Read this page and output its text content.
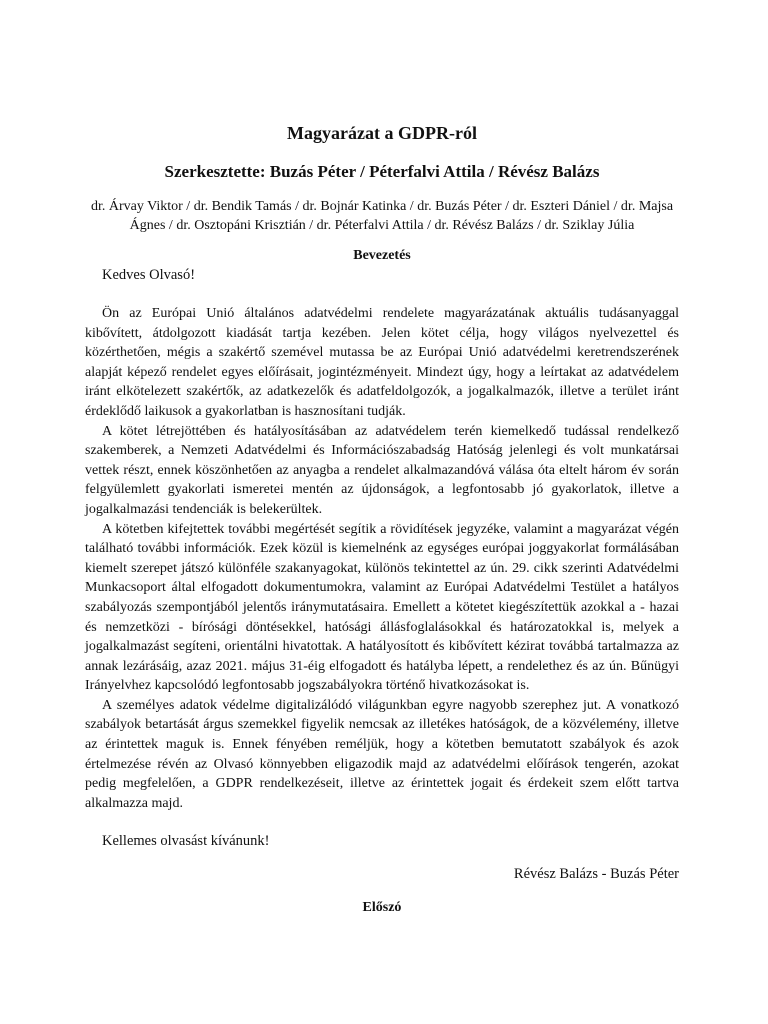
Magyarázat a GDPR-ról
Szerkesztette: Buzás Péter / Péterfalvi Attila / Révész Balázs
dr. Árvay Viktor / dr. Bendik Tamás / dr. Bojnár Katinka / dr. Buzás Péter / dr. Eszteri Dániel / dr. Majsa Ágnes / dr. Osztopáni Krisztián / dr. Péterfalvi Attila / dr. Révész Balázs / dr. Sziklay Júlia
Bevezetés
Kedves Olvasó!

Ön az Európai Unió általános adatvédelmi rendelete magyarázatának aktuális tudásanyaggal kibővített, átdolgozott kiadását tartja kezében. Jelen kötet célja, hogy világos nyelvezettel és közérthetően, mégis a szakértő szemével mutassa be az Európai Unió adatvédelmi keretrendszerének alapját képező rendelet egyes előírásait, jogintézményeit. Mindezt úgy, hogy a leírtakat az adatvédelem iránt elkötelezett szakértők, az adatkezelők és adatfeldolgozók, a jogalkalmazók, illetve a terület iránt érdeklődő laikusok a gyakorlatban is hasznosítani tudják.

A kötet létrejöttében és hatályosításában az adatvédelem terén kiemelkedő tudással rendelkező szakemberek, a Nemzeti Adatvédelmi és Információszabadság Hatóság jelenlegi és volt munkatársai vettek részt, ennek köszönhetően az anyagba a rendelet alkalmazandóvá válása óta eltelt három év során felgyülemlett gyakorlati ismeretei mentén az újdonságok, a legfontosabb jó gyakorlatok, illetve a jogalkalmazási tendenciák is belekerültek.

A kötetben kifejtettek további megértését segítik a rövidítések jegyzéke, valamint a magyarázat végén található további információk. Ezek közül is kiemelnénk az egységes európai joggyakorlat formálásában kiemelt szerepet játszó különféle szakanyagokat, különös tekintettel az ún. 29. cikk szerinti Adatvédelmi Munkacsoport által elfogadott dokumentumokra, valamint az Európai Adatvédelmi Testület a hatályos szabályozás szempontjából jelentős iránymutatásaira. Emellett a kötetet kiegészítettük azokkal a - hazai és nemzetközi - bírósági döntésekkel, hatósági állásfoglalásokkal és határozatokkal is, melyek a jogalkalmazást segíteni, orientálni hivatottak. A hatályosított és kibővített kézirat továbbá tartalmazza az annak lezárásáig, azaz 2021. május 31-éig elfogadott és hatályba lépett, a rendelethez és az ún. Bűnügyi Irányelvhez kapcsolódó legfontosabb jogszabályokra történő hivatkozásokat is.

A személyes adatok védelme digitalizálódó világunkban egyre nagyobb szerephez jut. A vonatkozó szabályok betartását árgus szemekkel figyelik nemcsak az illetékes hatóságok, de a közvélemény, illetve az érintettek maguk is. Ennek fényében reméljük, hogy a kötetben bemutatott szabályok és azok értelmezése révén az Olvasó könnyebben eligazodik majd az adatvédelmi előírások tengerén, azokat pedig megfelelően, a GDPR rendelkezéseit, illetve az érintettek jogait és érdekeit szem előtt tartva alkalmazza majd.

Kellemes olvasást kívánunk!
Révész Balázs - Buzás Péter
Előszó
